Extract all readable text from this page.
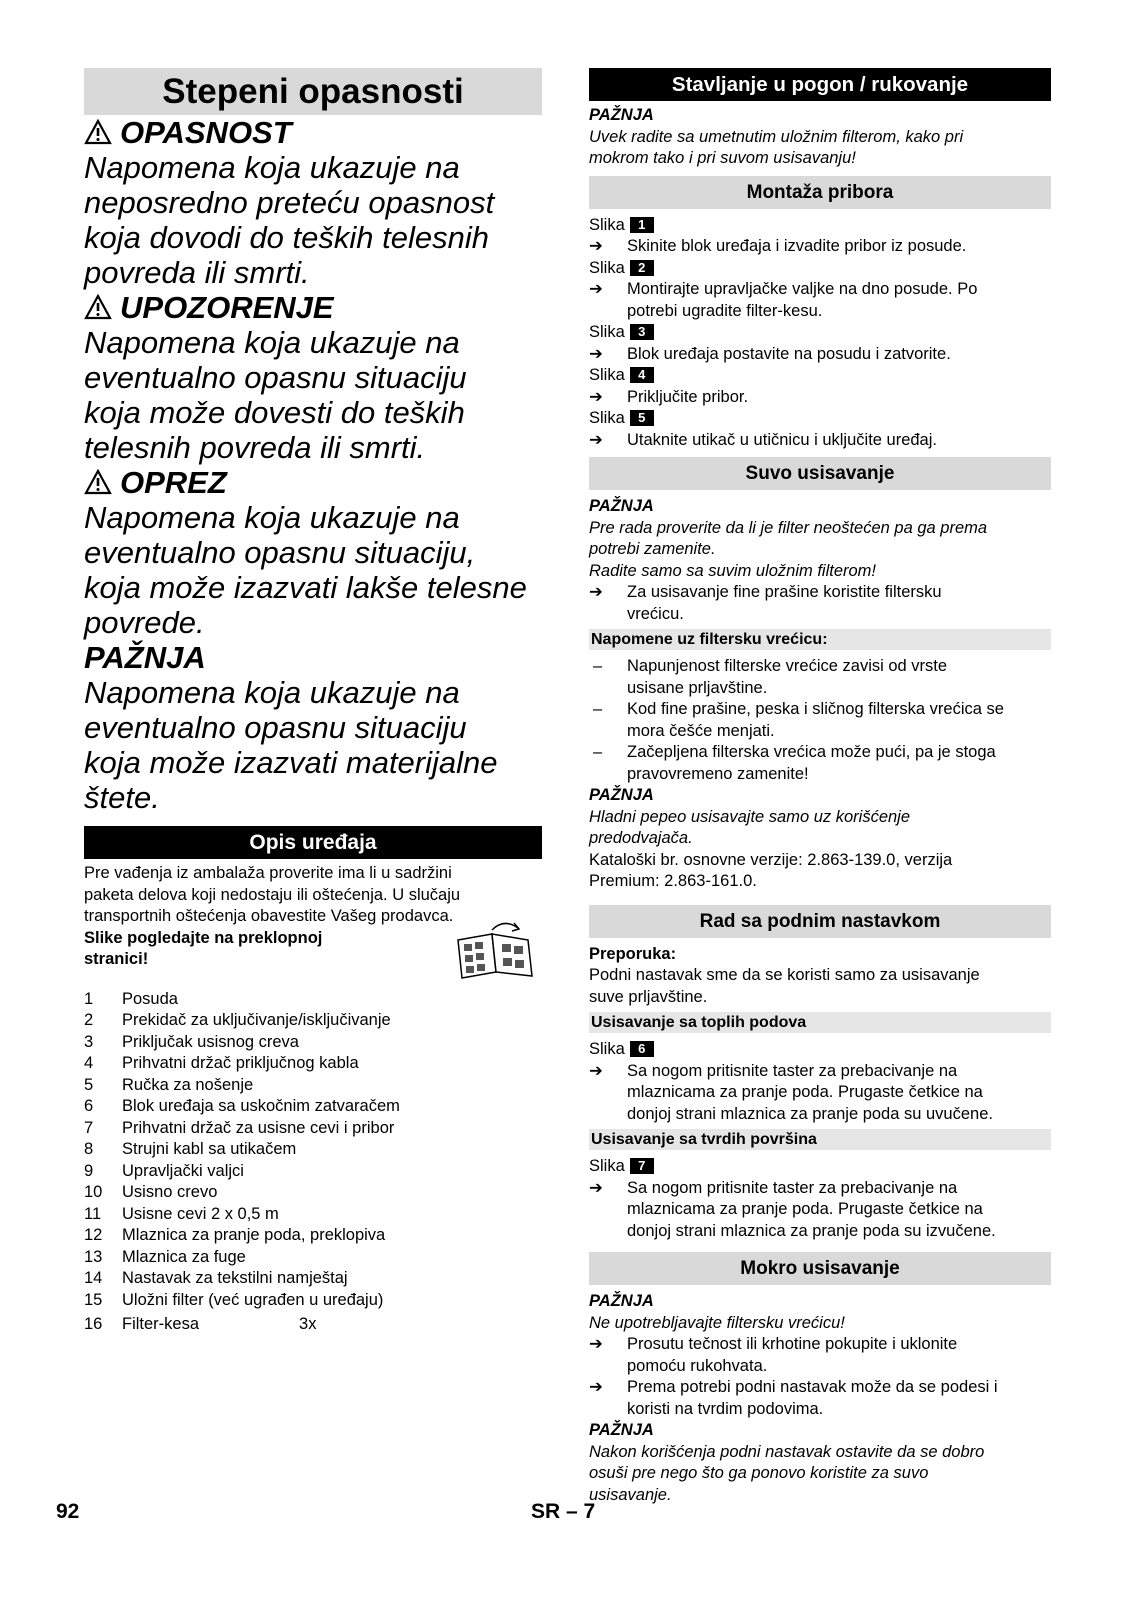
Stepeni opasnosti
OPASNOST
Napomena koja ukazuje na
neposredno preteću opasnost
koja dovodi do teških telesnih
povreda ili smrti.
UPOZORENJE
Napomena koja ukazuje na
eventualno opasnu situaciju
koja može dovesti do teških
telesnih povreda ili smrti.
OPREZ
Napomena koja ukazuje na
eventualno opasnu situaciju,
koja može izazvati lakše telesne
povrede.
PAŽNJA
Napomena koja ukazuje na
eventualno opasnu situaciju
koja može izazvati materijalne
štete.
Opis uređaja
Pre vađenja iz ambalaža proverite ima li u sadržini
paketa delova koji nedostaju ili oštećenja. U slučaju
transportnih oštećenja obavestite Vašeg prodavca.
Slike pogledajte na preklopnoj
stranici!
1	Posuda
2	Prekidač za uključivanje/isključivanje
3	Priključak usisnog creva
4	Prihvatni držač priključnog kabla
5	Ručka za nošenje
6	Blok uređaja sa uskočnim zatvaračem
7	Prihvatni držač za usisne cevi i pribor
8	Strujni kabl sa utikačem
9	Upravljački valjci
10	Usisno crevo
11	Usisne cevi 2 x 0,5 m
12	Mlaznica za pranje poda, preklopiva
13	Mlaznica za fuge
14	Nastavak za tekstilni namještaj
15	Uložni filter (već ugrađen u uređaju)
16	Filter-kesa	3x
Stavljanje u pogon / rukovanje
PAŽNJA
Uvek radite sa umetnutim uložnim filterom, kako pri
mokrom tako i pri suvom usisavanju!
Montaža pribora
Slika 1
➔	Skinite blok uređaja i izvadite pribor iz posude.
Slika 2
➔	Montirajte upravljačke valjke na dno posude. Po
potrebi ugradite filter-kesu.
Slika 3
➔	Blok uređaja postavite na posudu i zatvorite.
Slika 4
➔	Priključite pribor.
Slika 5
➔	Utaknite utikač u utičnicu i uključite uređaj.
Suvo usisavanje
PAŽNJA
Pre rada proverite da li je filter neoštećen pa ga prema
potrebi zamenite.
Radite samo sa suvim uložnim filterom!
➔	Za usisavanje fine prašine koristite filtersku
vrećicu.
Napomene uz filtersku vrećicu:
–	Napunjenost filterske vrećice zavisi od vrste
usisane prljavštine.
–	Kod fine prašine, peska i sličnog filterska vrećica se
mora češće menjati.
–	Začepljena filterska vrećica može pući, pa je stoga
pravovremeno zamenite!
PAŽNJA
Hladni pepeo usisavajte samo uz korišćenje
predodvajača.
Kataloški br. osnovne verzije: 2.863-139.0, verzija
Premium: 2.863-161.0.
Rad sa podnim nastavkom
Preporuka:
Podni nastavak sme da se koristi samo za usisavanje
suve prljavštine.
Usisavanje sa toplih podova
Slika 6
➔	Sa nogom pritisnite taster za prebacivanje na
mlaznicama za pranje poda. Prugaste četkice na
donjoj strani mlaznica za pranje poda su uvučene.
Usisavanje sa tvrdih površina
Slika 7
➔	Sa nogom pritisnite taster za prebacivanje na
mlaznicama za pranje poda. Prugaste četkice na
donjoj strani mlaznica za pranje poda su izvučene.
Mokro usisavanje
PAŽNJA
Ne upotrebljavajte filtersku vrećicu!
➔	Prosutu tečnost ili krhotine pokupite i uklonite
pomoću rukohvata.
➔	Prema potrebi podni nastavak može da se podesi i
koristi na tvrdim podovima.
PAŽNJA
Nakon korišćenja podni nastavak ostavite da se dobro
osuši pre nego što ga ponovo koristite za suvo
usisavanje.
92	SR – 7
